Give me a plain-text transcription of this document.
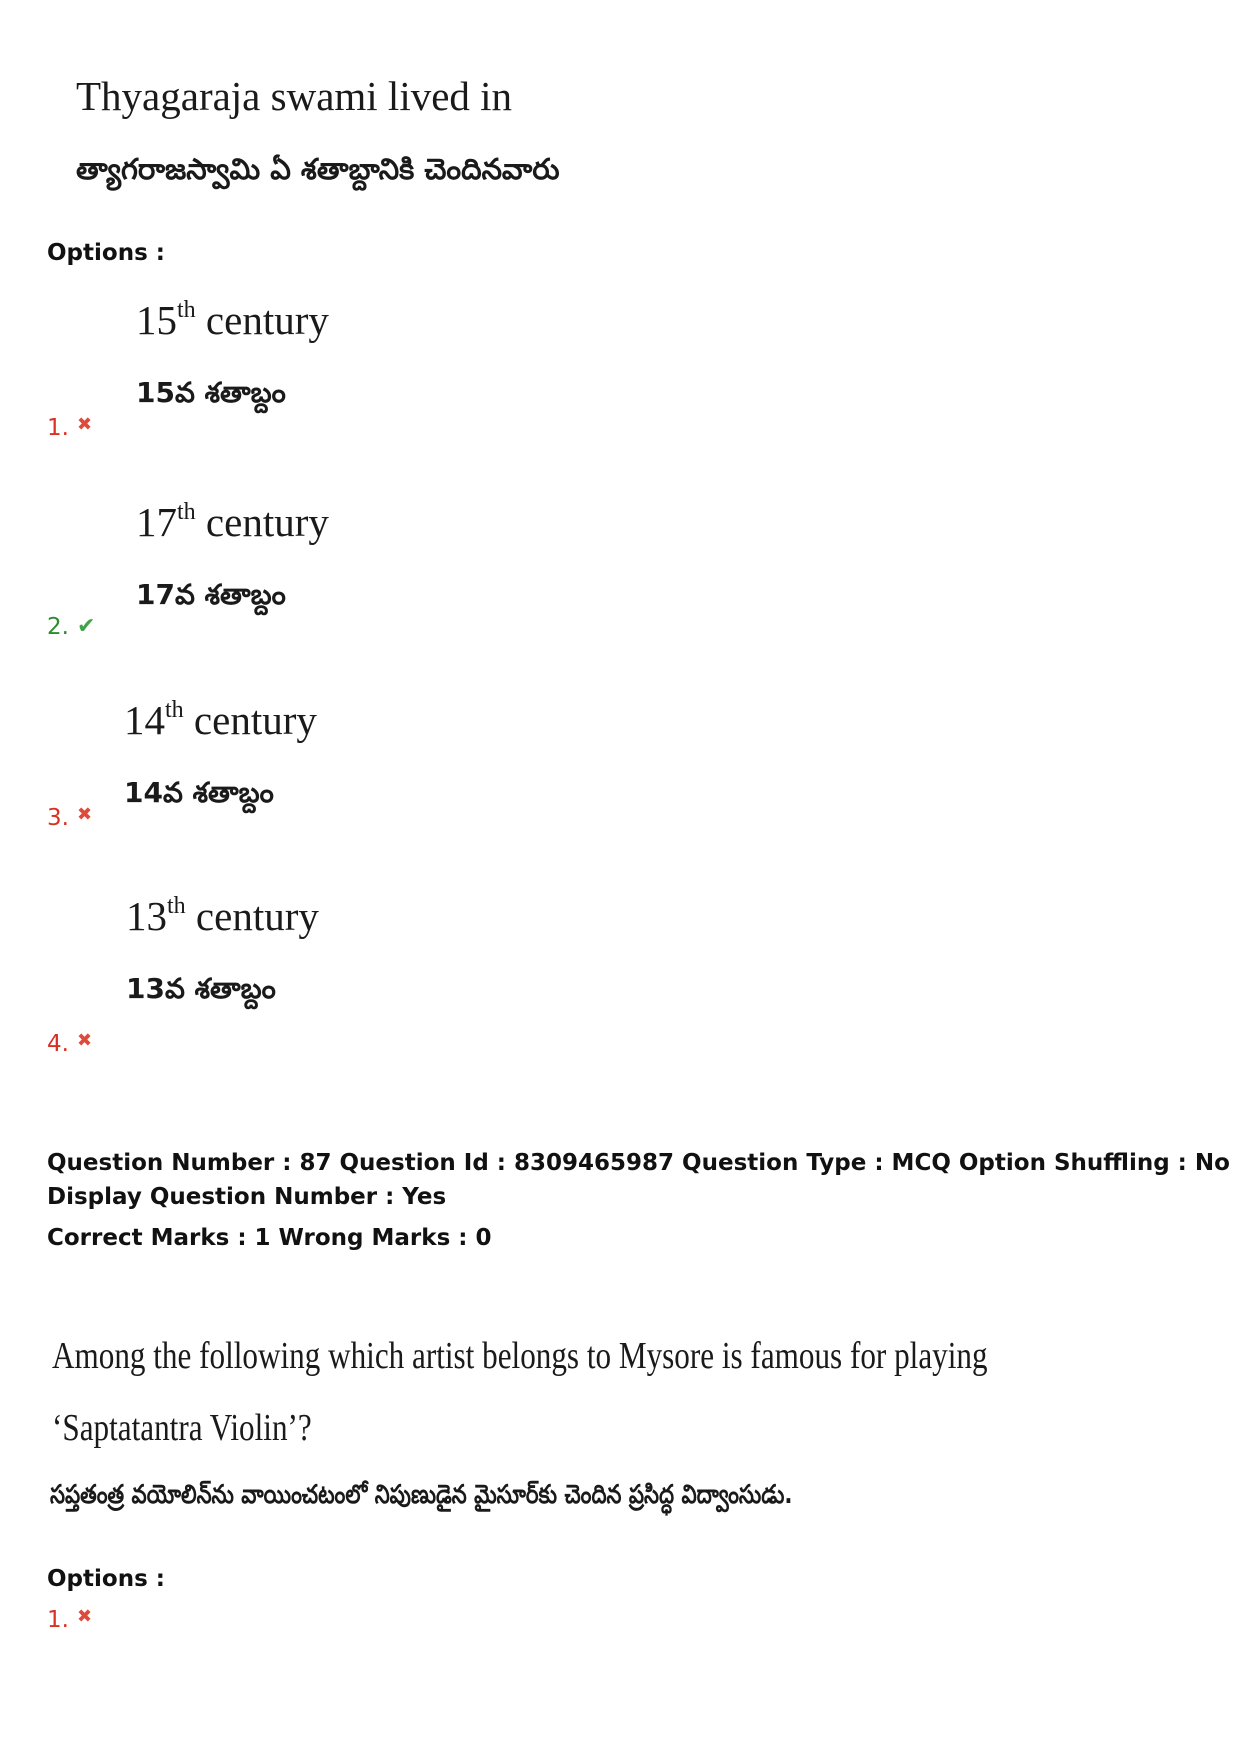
Thyagaraja swami lived in
త్యాగరాజస్వామి ఏ శతాబ్దానికి చెందినవారు
Options :
15th century
15వ శతాబ్దం
1. ✖
17th century
17వ శతాబ్దం
2. ✔
14th century
14వ శతాబ్దం
3. ✖
13th century
13వ శతాబ్దం
4. ✖
Question Number : 87 Question Id : 8309465987 Question Type : MCQ Option Shuffling : No
Display Question Number : Yes
Correct Marks : 1 Wrong Marks : 0
Among the following which artist belongs to Mysore is famous for playing
‘Saptatantra Violin’?
సప్తతంత్ర వయోలిన్‌ను వాయించటంలో నిపుణుడైన మైసూర్‌కు చెందిన ప్రసిద్ధ విద్వాంసుడు.
Options :
1. ✖
